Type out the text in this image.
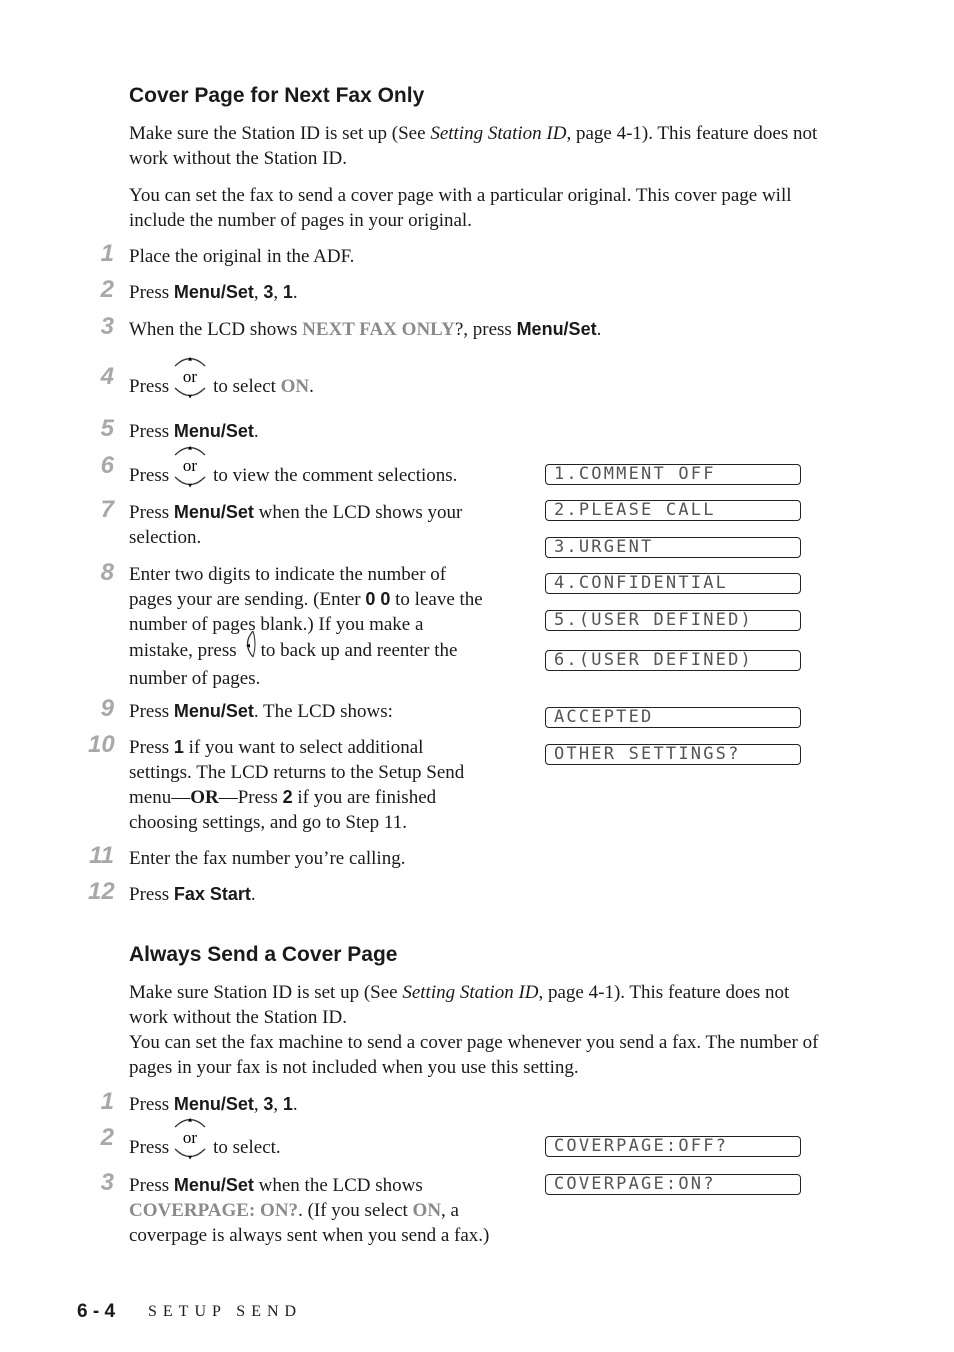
Cover Page for Next Fax Only

Make sure the Station ID is set up (See Setting Station ID, page 4-1). This feature does not work without the Station ID.

You can set the fax to send a cover page with a particular original. This cover page will include the number of pages in your original.

1 Place the original in the ADF.

2 Press Menu/Set, 3, 1.

3 When the LCD shows NEXT FAX ONLY?, press Menu/Set.

4 Press
▲
▼
or to select ON.

5 Press Menu/Set.

6 Press
▲
▼
or to view the comment selections.

7 Press Menu/Set when the LCD shows your
selection.

8 Enter two digits to indicate the number of
pages your are sending. (Enter 0 0 to leave the
number of pages blank.) If you make a
mistake, press ◀ to back up and reenter the
number of pages.

9 Press Menu/Set. The LCD shows:

10 Press 1 if you want to select additional
settings. The LCD returns to the Setup Send
menu—OR—Press 2 if you are finished
choosing settings, and go to Step 11.

11 Enter the fax number you’re calling.

12 Press Fax Start.

1.COMMENT OFF
2.PLEASE CALL
3.URGENT
4.CONFIDENTIAL
5.(USER DEFINED)
6.(USER DEFINED)
ACCEPTED
OTHER SETTINGS?
Always Send a Cover Page

Make sure Station ID is set up (See Setting Station ID, page 4-1). This feature does not work without the Station ID.

You can set the fax machine to send a cover page whenever you send a fax. The number of pages in your fax is not included when you use this setting.

1 Press Menu/Set, 3, 1.

2 Press
▲
▼
or to select.

3 Press Menu/Set when the LCD shows
COVERPAGE: ON?. (If you select ON, a
coverpage is always sent when you send a fax.)

COVERPAGE:OFF?
COVERPAGE:ON?
6 - 4 SETUP SEND
